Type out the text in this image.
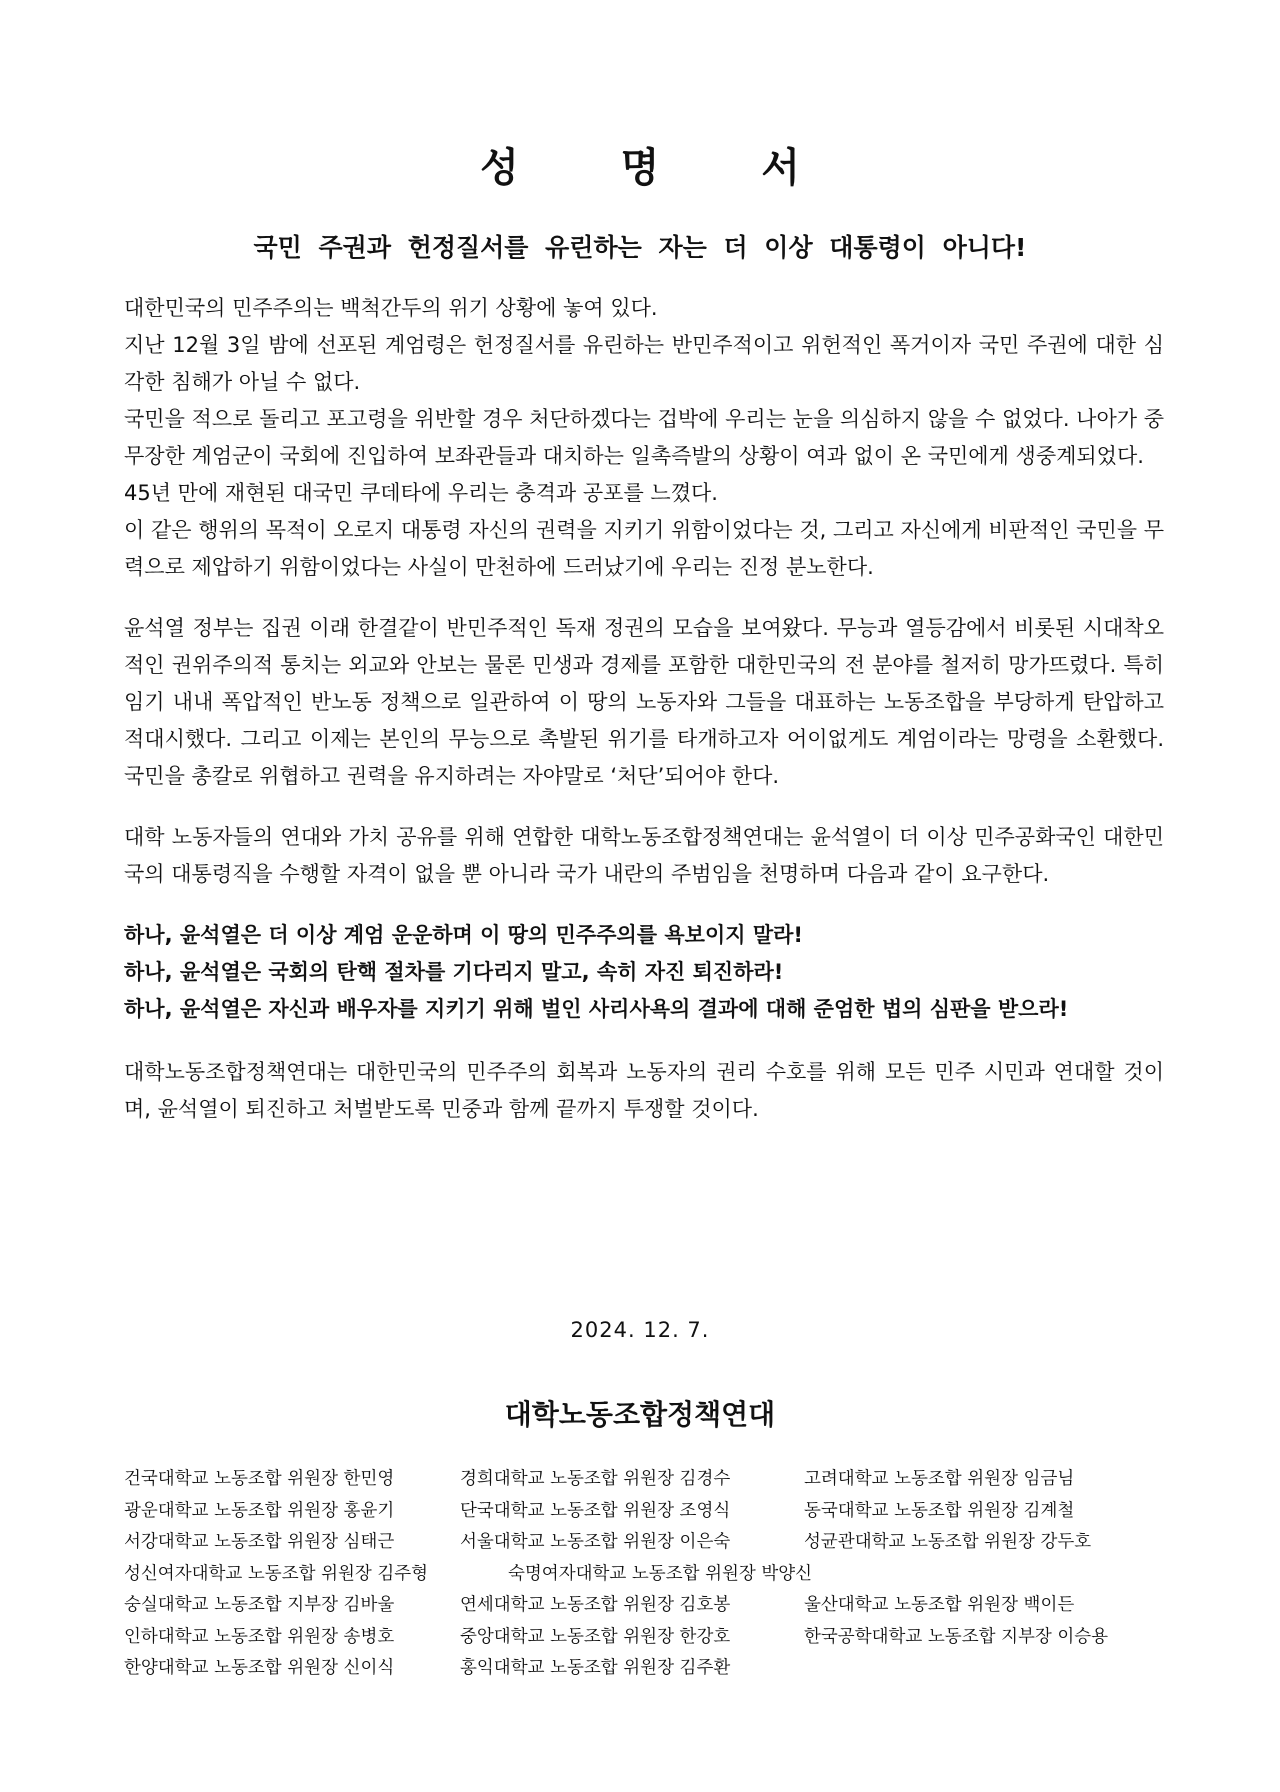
성 명 서
국민 주권과 헌정질서를 유린하는 자는 더 이상 대통령이 아니다!

대한민국의 민주주의는 백척간두의 위기 상황에 놓여 있다.

지난 12월 3일 밤에 선포된 계엄령은 헌정질서를 유린하는 반민주적이고 위헌적인 폭거이자 국민 주권에 대한 심각한 침해가 아닐 수 없다.

국민을 적으로 돌리고 포고령을 위반할 경우 처단하겠다는 겁박에 우리는 눈을 의심하지 않을 수 없었다. 나아가 중무장한 계엄군이 국회에 진입하여 보좌관들과 대치하는 일촉즉발의 상황이 여과 없이 온 국민에게 생중계되었다.

45년 만에 재현된 대국민 쿠데타에 우리는 충격과 공포를 느꼈다.

이 같은 행위의 목적이 오로지 대통령 자신의 권력을 지키기 위함이었다는 것, 그리고 자신에게 비판적인 국민을 무력으로 제압하기 위함이었다는 사실이 만천하에 드러났기에 우리는 진정 분노한다.

윤석열 정부는 집권 이래 한결같이 반민주적인 독재 정권의 모습을 보여왔다. 무능과 열등감에서 비롯된 시대착오적인 권위주의적 통치는 외교와 안보는 물론 민생과 경제를 포함한 대한민국의 전 분야를 철저히 망가뜨렸다. 특히 임기 내내 폭압적인 반노동 정책으로 일관하여 이 땅의 노동자와 그들을 대표하는 노동조합을 부당하게 탄압하고 적대시했다. 그리고 이제는 본인의 무능으로 촉발된 위기를 타개하고자 어이없게도 계엄이라는 망령을 소환했다. 국민을 총칼로 위협하고 권력을 유지하려는 자야말로 ‘처단’되어야 한다.

대학 노동자들의 연대와 가치 공유를 위해 연합한 대학노동조합정책연대는 윤석열이 더 이상 민주공화국인 대한민국의 대통령직을 수행할 자격이 없을 뿐 아니라 국가 내란의 주범임을 천명하며 다음과 같이 요구한다.

하나, 윤석열은 더 이상 계엄 운운하며 이 땅의 민주주의를 욕보이지 말라!
하나, 윤석열은 국회의 탄핵 절차를 기다리지 말고, 속히 자진 퇴진하라!
하나, 윤석열은 자신과 배우자를 지키기 위해 벌인 사리사욕의 결과에 대해 준엄한 법의 심판을 받으라!

대학노동조합정책연대는 대한민국의 민주주의 회복과 노동자의 권리 수호를 위해 모든 민주 시민과 연대할 것이며, 윤석열이 퇴진하고 처벌받도록 민중과 함께 끝까지 투쟁할 것이다.

2024. 12. 7.
대학노동조합정책연대
건국대학교 노동조합 위원장 한민영	경희대학교 노동조합 위원장 김경수	고려대학교 노동조합 위원장 임금님
광운대학교 노동조합 위원장 홍윤기	단국대학교 노동조합 위원장 조영식	동국대학교 노동조합 위원장 김계철
서강대학교 노동조합 위원장 심태근	서울대학교 노동조합 위원장 이은숙	성균관대학교 노동조합 위원장 강두호
성신여자대학교 노동조합 위원장 김주형	숙명여자대학교 노동조합 위원장 박양신
숭실대학교 노동조합 지부장 김바울	연세대학교 노동조합 위원장 김호봉	울산대학교 노동조합 위원장 백이든
인하대학교 노동조합 위원장 송병호	중앙대학교 노동조합 위원장 한강호	한국공학대학교 노동조합 지부장 이승용
한양대학교 노동조합 위원장 신이식	홍익대학교 노동조합 위원장 김주환
